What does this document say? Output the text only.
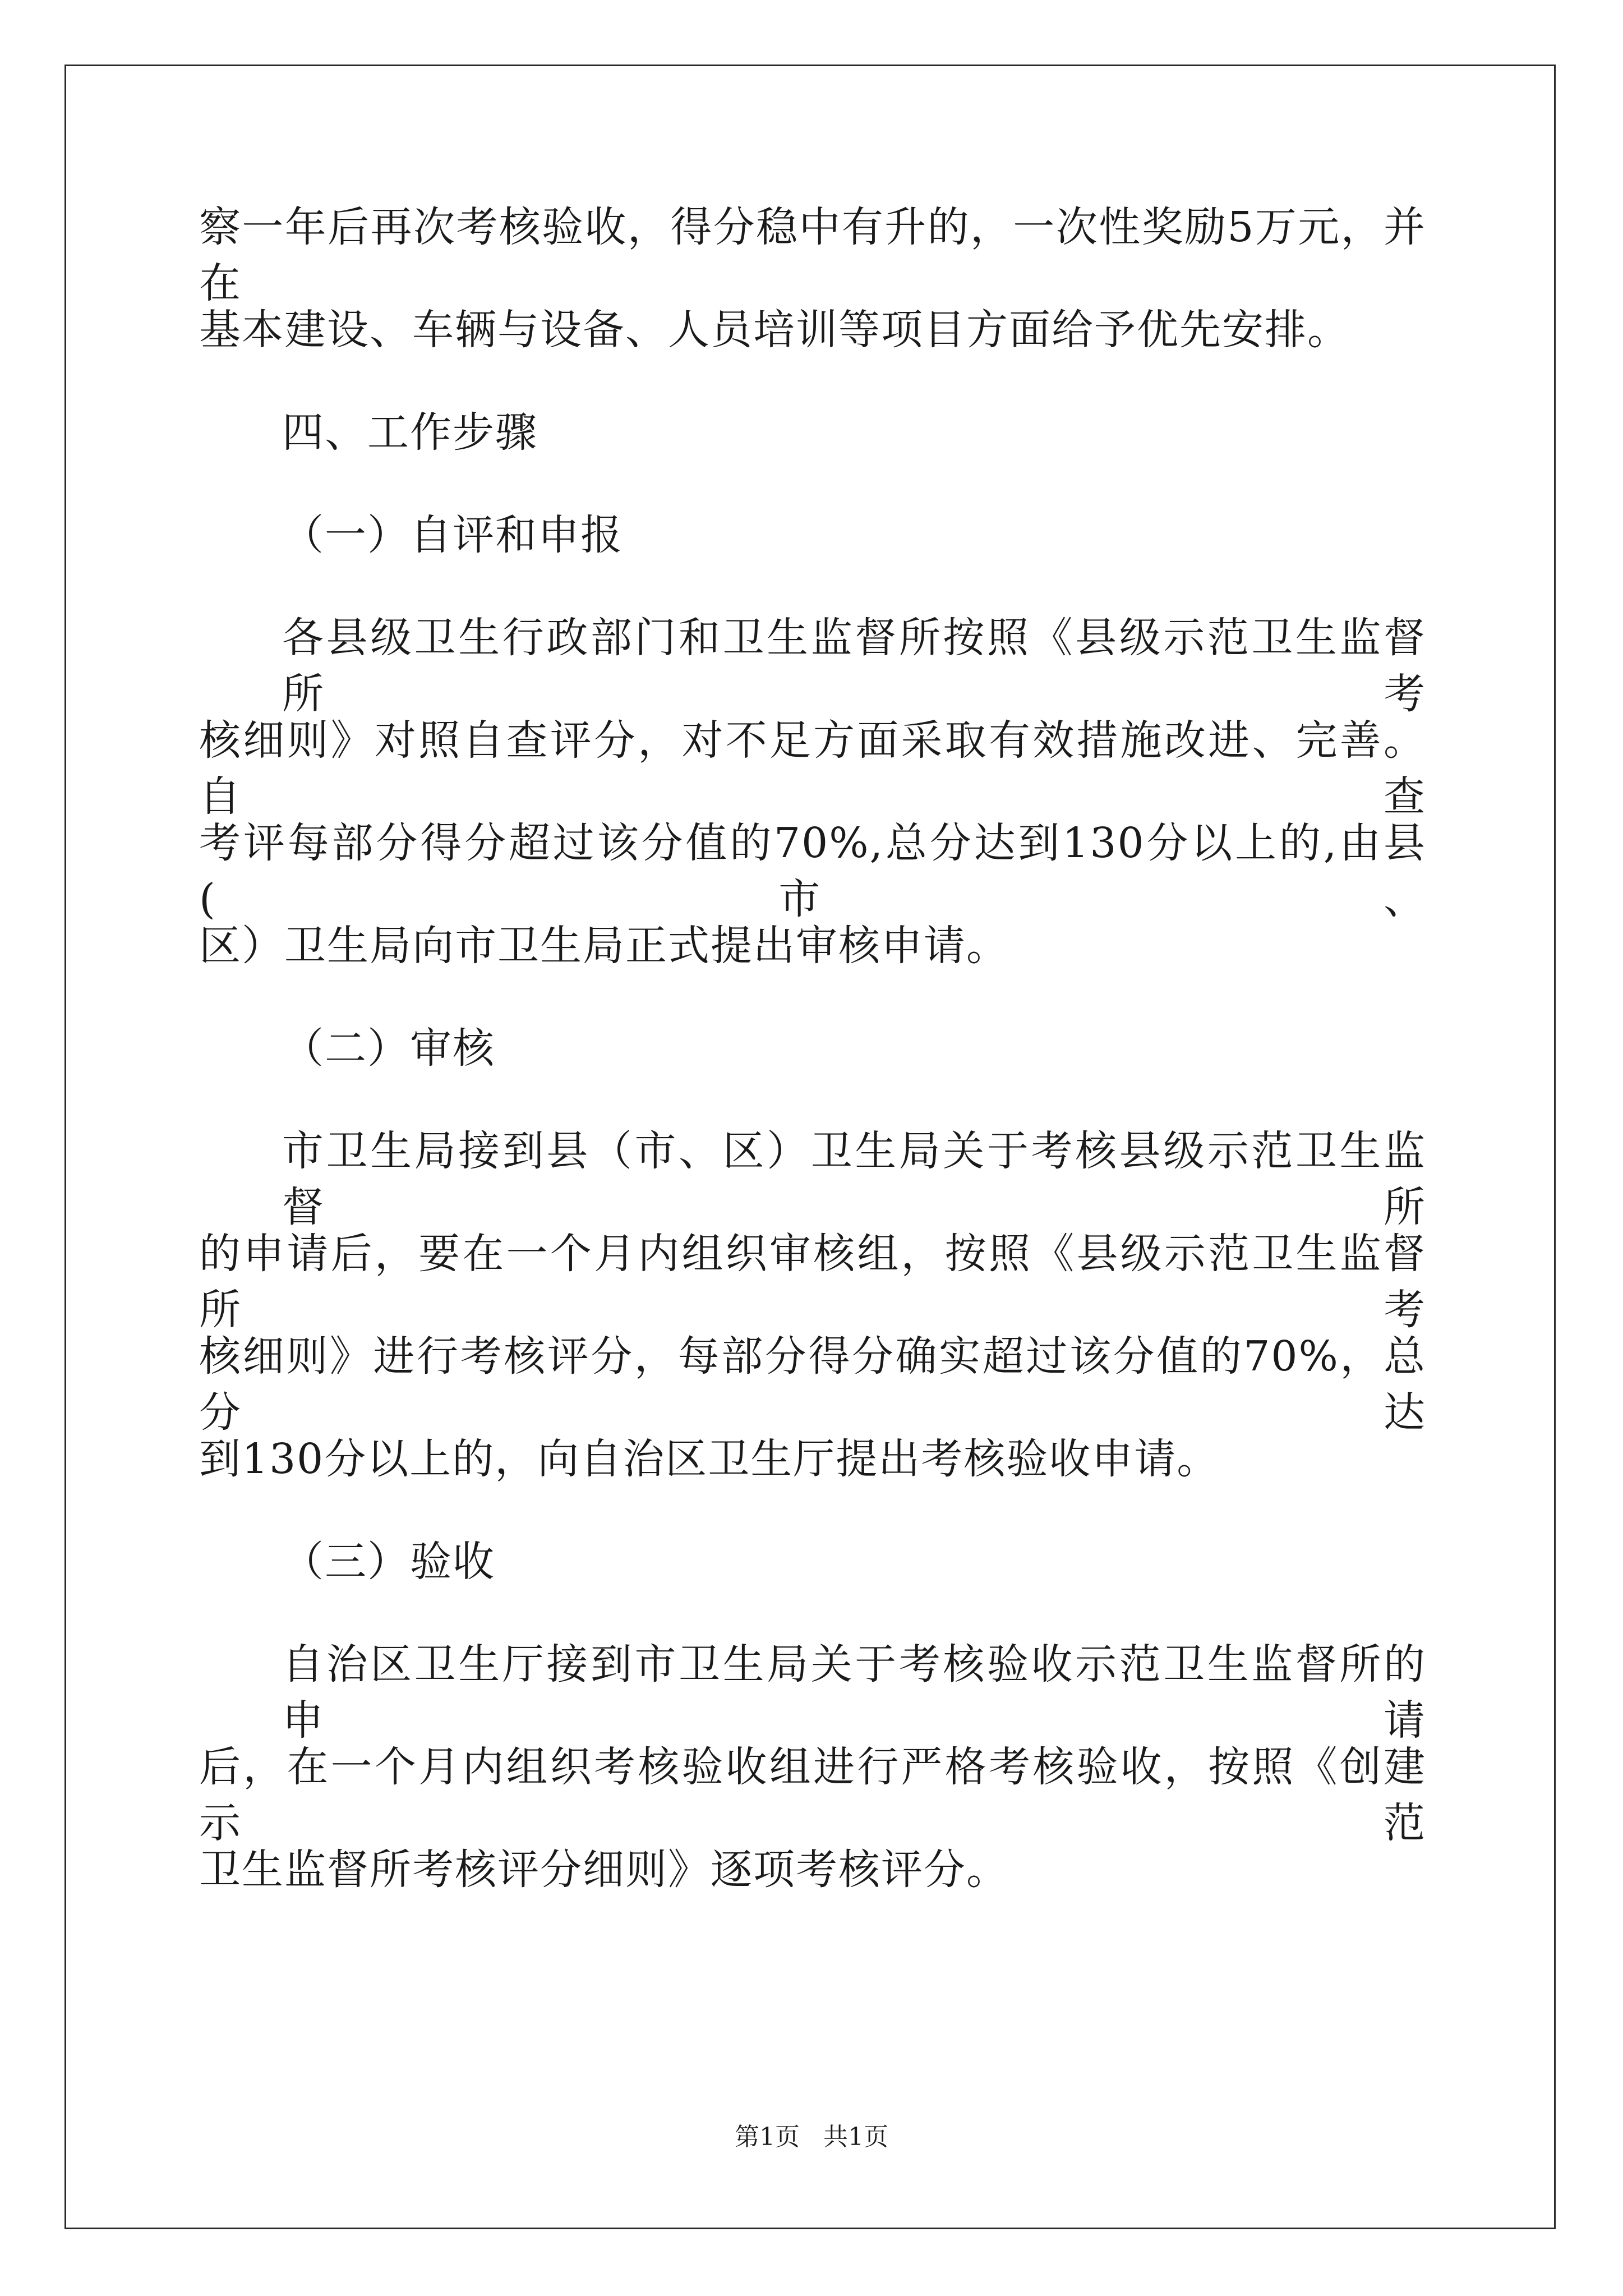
察一年后再次考核验收，得分稳中有升的，一次性奖励5万元，并在
基本建设、车辆与设备、人员培训等项目方面给予优先安排。
四、工作步骤
（一）自评和申报
各县级卫生行政部门和卫生监督所按照《县级示范卫生监督所考
核细则》对照自查评分，对不足方面采取有效措施改进、完善。自查
考评每部分得分超过该分值的70%,总分达到130分以上的,由县(市、
区）卫生局向市卫生局正式提出审核申请。
（二）审核
市卫生局接到县（市、区）卫生局关于考核县级示范卫生监督所
的申请后，要在一个月内组织审核组，按照《县级示范卫生监督所考
核细则》进行考核评分，每部分得分确实超过该分值的70%，总分达
到130分以上的，向自治区卫生厅提出考核验收申请。
（三）验收
自治区卫生厅接到市卫生局关于考核验收示范卫生监督所的申请
后，在一个月内组织考核验收组进行严格考核验收，按照《创建示范
卫生监督所考核评分细则》逐项考核评分。
第1页 共1页
